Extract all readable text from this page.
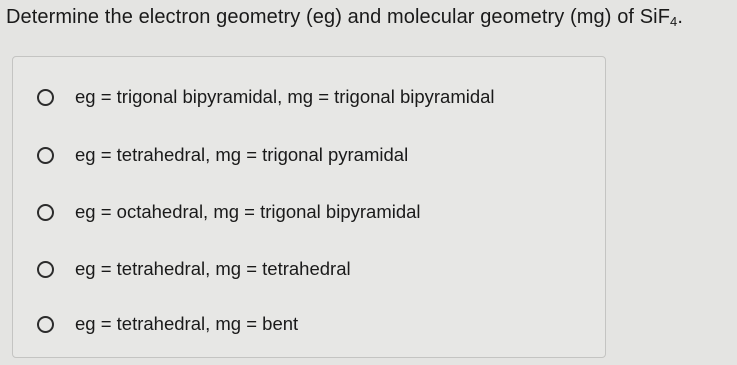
Determine the electron geometry (eg) and molecular geometry (mg) of SiF$_4$.
eg = trigonal bipyramidal, mg = trigonal bipyramidal
eg = tetrahedral, mg = trigonal pyramidal
eg = octahedral, mg = trigonal bipyramidal
eg = tetrahedral, mg = tetrahedral
eg = tetrahedral, mg = bent
